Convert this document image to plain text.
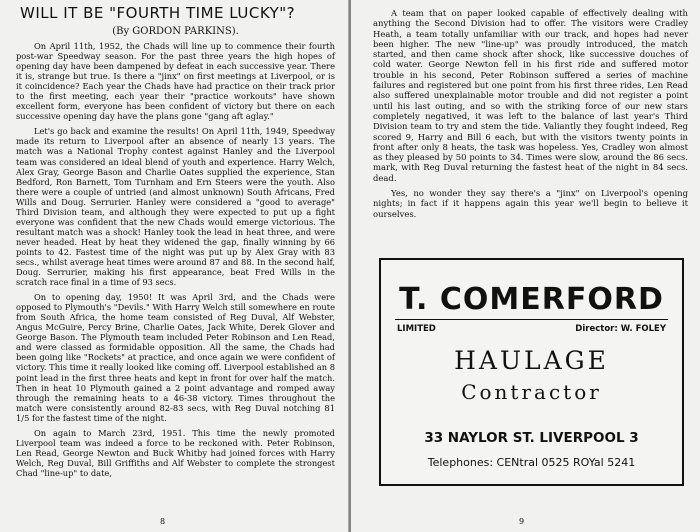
WILL IT BE "FOURTH TIME LUCKY"?
(By GORDON PARKINS).

On April 11th, 1952, the Chads will line up to commence their fourth post-war Speedway season. For the past three years the high hopes of opening day have been dampened by defeat in each successive year. There it is, strange but true. Is there a "jinx" on first meetings at Liverpool, or is it coincidence? Each year the Chads have had practice on their track prior to the first meeting, each year their "practice workouts" have shown excellent form, everyone has been confident of victory but there on each successive opening day have the plans gone "gang aft aglay."

Let's go back and examine the results! On April 11th, 1949, Speedway made its return to Liverpool after an absence of nearly 13 years. The match was a National Trophy contest against Hanley and the Liverpool team was considered an ideal blend of youth and experience. Harry Welch, Alex Gray, George Bason and Charlie Oates supplied the experience, Stan Bedford, Ron Barnett, Tom Turnham and Ern Steers were the youth. Also there were a couple of untried (and almost unknown) South Africans, Fred Wills and Doug. Serrurier. Hanley were considered a "good to average" Third Division team, and although they were expected to put up a fight everyone was confident that the new Chads would emerge victorious. The resultant match was a shock! Hanley took the lead in heat three, and were never headed. Heat by heat they widened the gap, finally winning by 66 points to 42. Fastest time of the night was put up by Alex Gray with 83 secs., whilst average heat times were around 87 and 88. In the second half, Doug. Serrurier, making his first appearance, beat Fred Wills in the scratch race final in a time of 93 secs.

On to opening day, 1950! It was April 3rd, and the Chads were opposed to Plymouth's "Devils." With Harry Welch still somewhere en route from South Africa, the home team consisted of Reg Duval, Alf Webster, Angus McGuire, Percy Brine, Charlie Oates, Jack White, Derek Glover and George Bason. The Plymouth team included Peter Robinson and Len Read, and were classed as formidable opposition. All the same, the Chads had been going like "Rockets" at practice, and once again we were confident of victory. This time it really looked like coming off. Liverpool established an 8 point lead in the first three heats and kept in front for over half the match. Then in heat 10 Plymouth gained a 2 point advantage and romped away through the remaining heats to a 46-38 victory. Times throughout the match were consistently around 82-83 secs, with Reg Duval notching 81 1/5 for the fastest time of the night.

On again to March 23rd, 1951. This time the newly promoted Liverpool team was indeed a force to be reckoned with. Peter Robinson, Len Read, George Newton and Buck Whitby had joined forces with Harry Welch, Reg Duval, Bill Griffiths and Alf Webster to complete the strongest Chad "line-up" to date,

8

A team that on paper looked capable of effectively dealing with anything the Second Division had to offer. The visitors were Cradley Heath, a team totally unfamiliar with our track, and hopes had never been higher. The new "line-up" was proudly introduced, the match started, and then came shock after shock, like successive douches of cold water. George Newton fell in his first ride and suffered motor trouble in his second, Peter Robinson suffered a series of machine failures and registered but one point from his first three rides, Len Read also suffered unexplainable motor trouble and did not register a point until his last outing, and so with the striking force of our new stars completely negatived, it was left to the balance of last year's Third Division team to try and stem the tide. Valiantly they fought indeed, Reg scored 9, Harry and Bill 6 each, but with the visitors twenty points in front after only 8 heats, the task was hopeless. Yes, Cradley won almost as they pleased by 50 points to 34. Times were slow, around the 86 secs. mark, with Reg Duval returning the fastest heat of the night in 84 secs. dead.

Yes, no wonder they say there's a "jinx" on Liverpool's opening nights; in fact if it happens again this year we'll begin to believe it ourselves.

T. COMERFORD
LIMITED	Director: W. FOLEY
HAULAGE
Contractor
33 NAYLOR ST. LIVERPOOL 3
Telephones: CENtral 0525 ROYal 5241
9
